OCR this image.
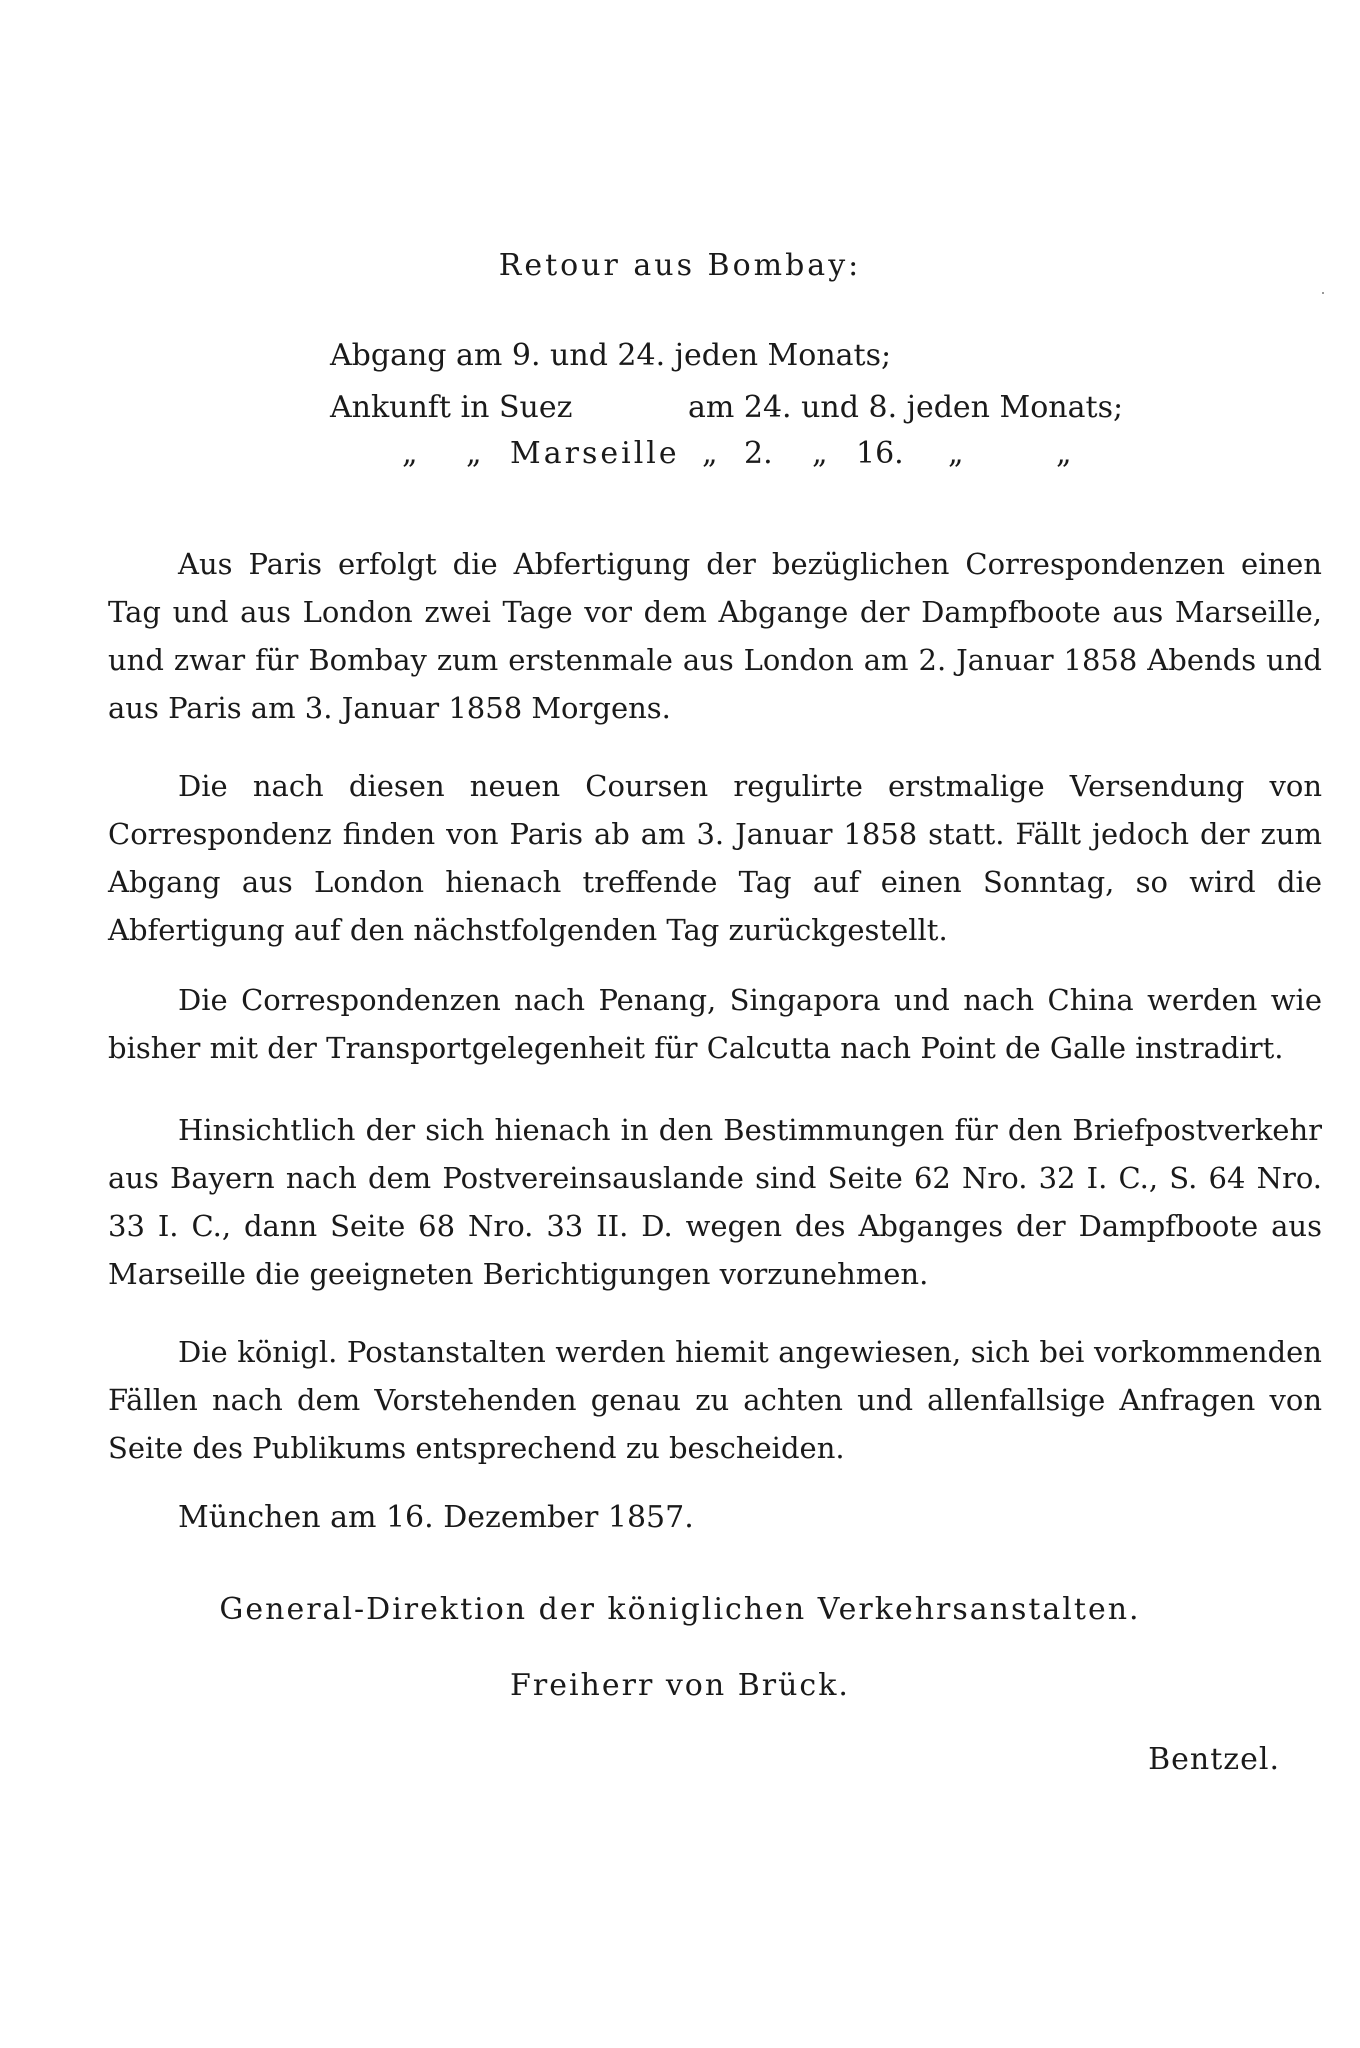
Retour aus Bombay:
Abgang am 9. und 24. jeden Monats;
Ankunft in Suez	am 24. und 8. jeden Monats;
„ „ Marseille „ 2. „ 16. „	„

Aus Paris erfolgt die Abfertigung der bezüglichen Correspondenzen einen Tag und aus London zwei Tage vor dem Abgange der Dampfboote aus Marseille, und zwar für Bombay zum erstenmale aus London am 2. Januar 1858 Abends und aus Paris am 3. Januar 1858 Morgens.

Die nach diesen neuen Coursen regulirte erstmalige Versendung von Correspondenz finden von Paris ab am 3. Januar 1858 statt. Fällt jedoch der zum Abgang aus London hienach treffende Tag auf einen Sonntag, so wird die Abfertigung auf den nächstfolgenden Tag zurückgestellt.

Die Correspondenzen nach Penang, Singapora und nach China werden wie bisher mit der Transportgelegenheit für Calcutta nach Point de Galle instradirt.

Hinsichtlich der sich hienach in den Bestimmungen für den Briefpostverkehr aus Bayern nach dem Postvereinsauslande sind Seite 62 Nro. 32 I. C., S. 64 Nro. 33 I. C., dann Seite 68 Nro. 33 II. D. wegen des Abganges der Dampfboote aus Marseille die geeigneten Berichtigungen vorzunehmen.

Die königl. Postanstalten werden hiemit angewiesen, sich bei vorkommenden Fällen nach dem Vorstehenden genau zu achten und allenfallsige Anfragen von Seite des Publikums entsprechend zu bescheiden.

München am 16. Dezember 1857.
General-Direktion der königlichen Verkehrsanstalten.
Freiherr von Brück.
Bentzel.
